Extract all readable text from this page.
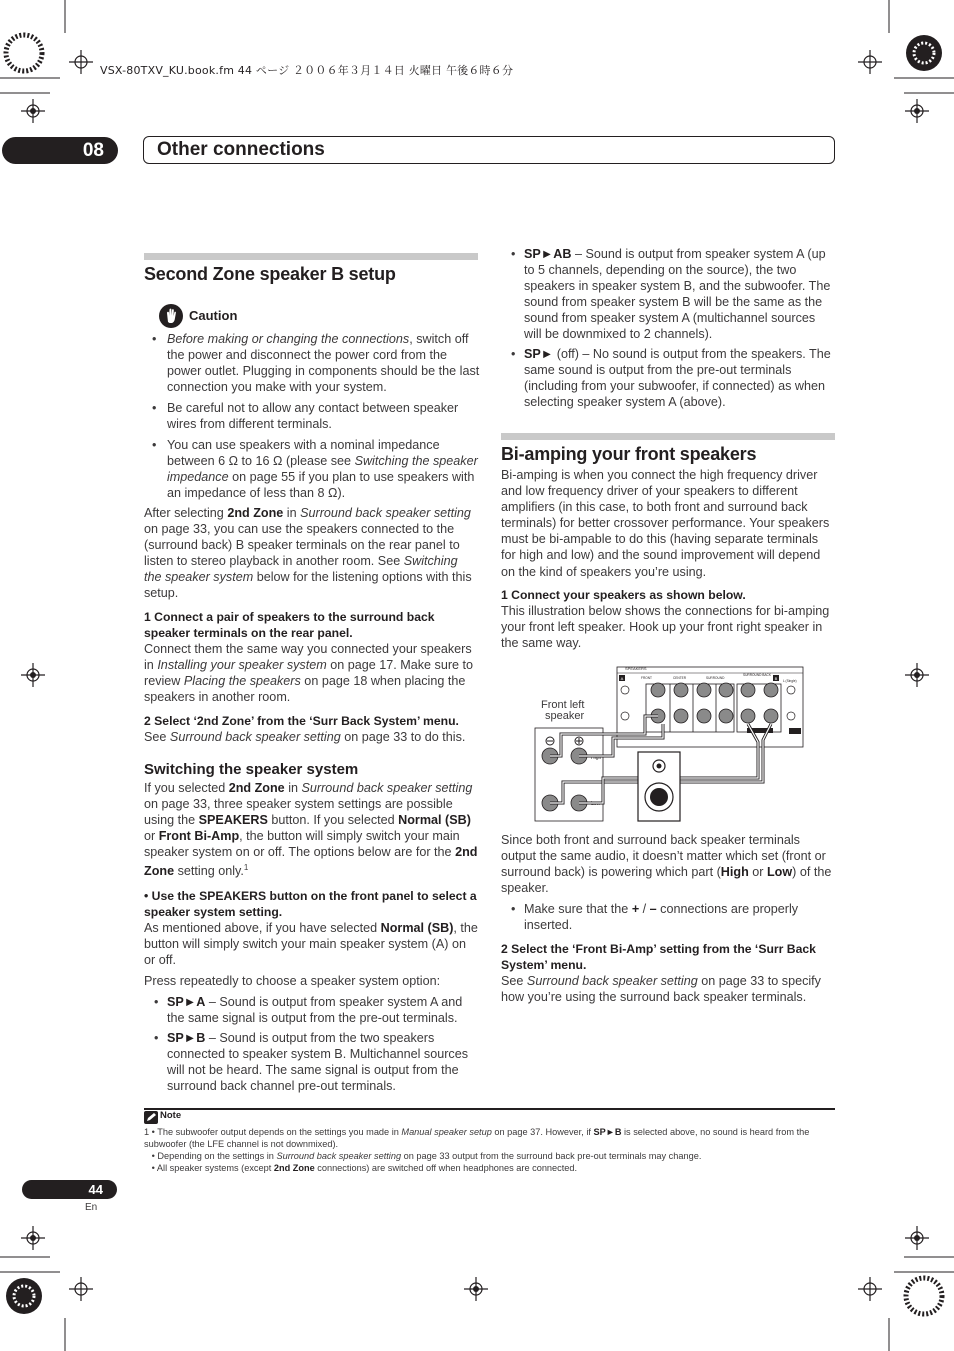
VSX-80TXV_KU.book.fm 44 ページ ２００６年３月１４日 火曜日 午後６時６分
08	Other connections
Second Zone speaker B setup
Caution
• Before making or changing the connections, switch off the power and disconnect the power cord from the power outlet. Plugging in components should be the last connection you make with your system.
• Be careful not to allow any contact between speaker wires from different terminals.
• You can use speakers with a nominal impedance between 6 Ω to 16 Ω (please see Switching the speaker impedance on page 55 if you plan to use speakers with an impedance of less than 8 Ω).
After selecting 2nd Zone in Surround back speaker setting on page 33, you can use the speakers connected to the (surround back) B speaker terminals on the rear panel to listen to stereo playback in another room. See Switching the speaker system below for the listening options with this setup.
1 Connect a pair of speakers to the surround back speaker terminals on the rear panel.
Connect them the same way you connected your speakers in Installing your speaker system on page 17. Make sure to review Placing the speakers on page 18 when placing the speakers in another room.
2 Select ‘2nd Zone’ from the ‘Surr Back System’ menu.
See Surround back speaker setting on page 33 to do this.
Switching the speaker system
If you selected 2nd Zone in Surround back speaker setting on page 33, three speaker system settings are possible using the SPEAKERS button. If you selected Normal (SB) or Front Bi-Amp, the button will simply switch your main speaker system on or off. The options below are for the 2nd Zone setting only.$^1$
• Use the SPEAKERS button on the front panel to select a speaker system setting.
As mentioned above, if you have selected Normal (SB), the button will simply switch your main speaker system (A) on or off.
Press repeatedly to choose a speaker system option:
• SP►A – Sound is output from speaker system A and the same signal is output from the pre-out terminals.
• SP►B – Sound is output from the two speakers connected to speaker system B. Multichannel sources will not be heard. The same signal is output from the surround back channel pre-out terminals.
• SP►AB – Sound is output from speaker system A (up to 5 channels, depending on the source), the two speakers in speaker system B, and the subwoofer. The sound from speaker system B will be the same as the sound from speaker system A (multichannel sources will be downmixed to 2 channels).
• SP► (off) – No sound is output from the speakers. The same sound is output from the pre-out terminals (including from your subwoofer, if connected) as when selecting speaker system A (above).
Bi-amping your front speakers
Bi-amping is when you connect the high frequency driver and low frequency driver of your speakers to different amplifiers (in this case, to both front and surround back terminals) for better crossover performance. Your speakers must be bi-ampable to do this (having separate terminals for high and low) and the sound improvement will depend on the kind of speakers you’re using.
1 Connect your speakers as shown below.
This illustration below shows the connections for bi-amping your front left speaker. Hook up your front right speaker in the same way.
SPEAKERS
A	B
FRONT	CENTER	SURROUND
SURROUND BACK
L (Single)
Front left
speaker
High
Low
Since both front and surround back speaker terminals output the same audio, it doesn’t matter which set (front or surround back) is powering which part (High or Low) of the speaker.
• Make sure that the + / – connections are properly inserted.
2 Select the ‘Front Bi-Amp’ setting from the ‘Surr Back System’ menu.
See Surround back speaker setting on page 33 to specify how you’re using the surround back speaker terminals.
Note
1 • The subwoofer output depends on the settings you made in Manual speaker setup on page 37. However, if SP►B is selected above, no sound is heard from the subwoofer (the LFE channel is not downmixed).
• Depending on the settings in Surround back speaker setting on page 33 output from the surround back pre-out terminals may change.
• All speaker systems (except 2nd Zone connections) are switched off when headphones are connected.
44
En
